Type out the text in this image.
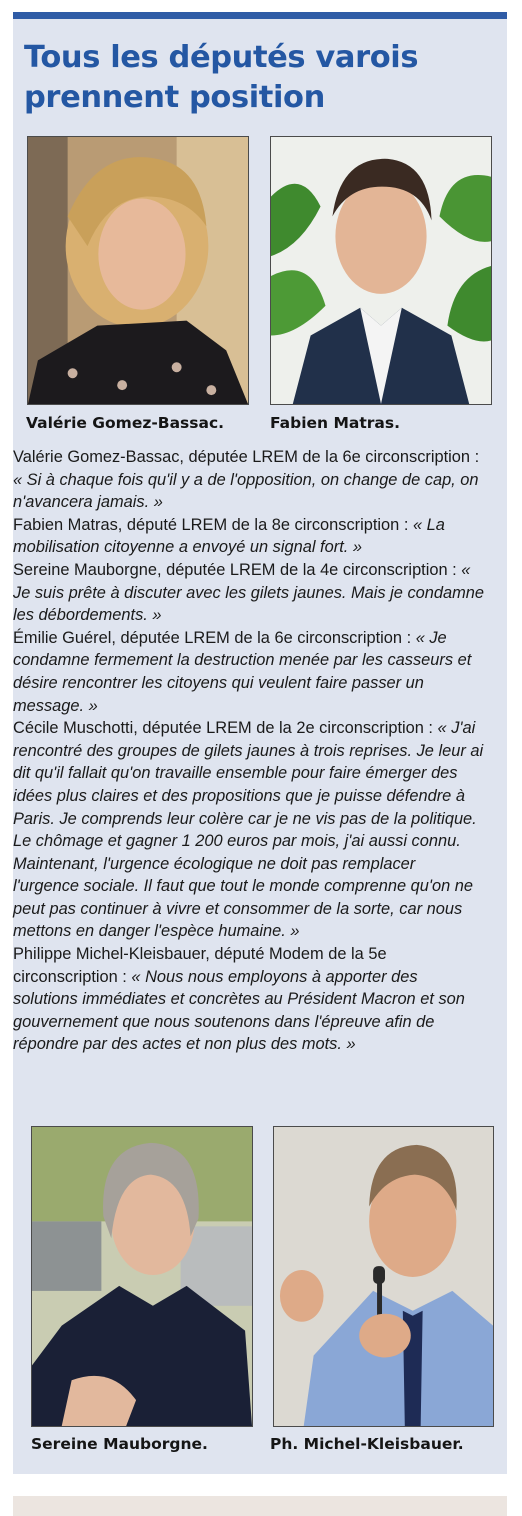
Tous les députés varois prennent position
Valérie Gomez-Bassac.	Fabien Matras.

Valérie Gomez-Bassac, députée LREM de la 6e circonscription : « Si à chaque fois qu'il y a de l'opposition, on change de cap, on n'avancera jamais. »

Fabien Matras, député LREM de la 8e circonscription : « La mobilisation citoyenne a envoyé un signal fort. »

Sereine Mauborgne, députée LREM de la 4e circonscription : « Je suis prête à discuter avec les gilets jaunes. Mais je condamne les débordements. »

Émilie Guérel, députée LREM de la 6e circonscription : « Je condamne fermement la destruction menée par les casseurs et désire rencontrer les citoyens qui veulent faire passer un message. »

Cécile Muschotti, députée LREM de la 2e circonscription : « J'ai rencontré des groupes de gilets jaunes à trois reprises. Je leur ai dit qu'il fallait qu'on travaille ensemble pour faire émerger des idées plus claires et des propositions que je puisse défendre à Paris. Je comprends leur colère car je ne vis pas de la politique. Le chômage et gagner 1 200 euros par mois, j'ai aussi connu. Maintenant, l'urgence écologique ne doit pas remplacer l'urgence sociale. Il faut que tout le monde comprenne qu'on ne peut pas continuer à vivre et consommer de la sorte, car nous mettons en danger l'espèce humaine. »

Philippe Michel-Kleisbauer, député Modem de la 5e circonscription : « Nous nous employons à apporter des solutions immédiates et concrètes au Président Macron et son gouvernement que nous soutenons dans l'épreuve afin de répondre par des actes et non plus des mots. »

Sereine Mauborgne.	Ph. Michel-Kleisbauer.
